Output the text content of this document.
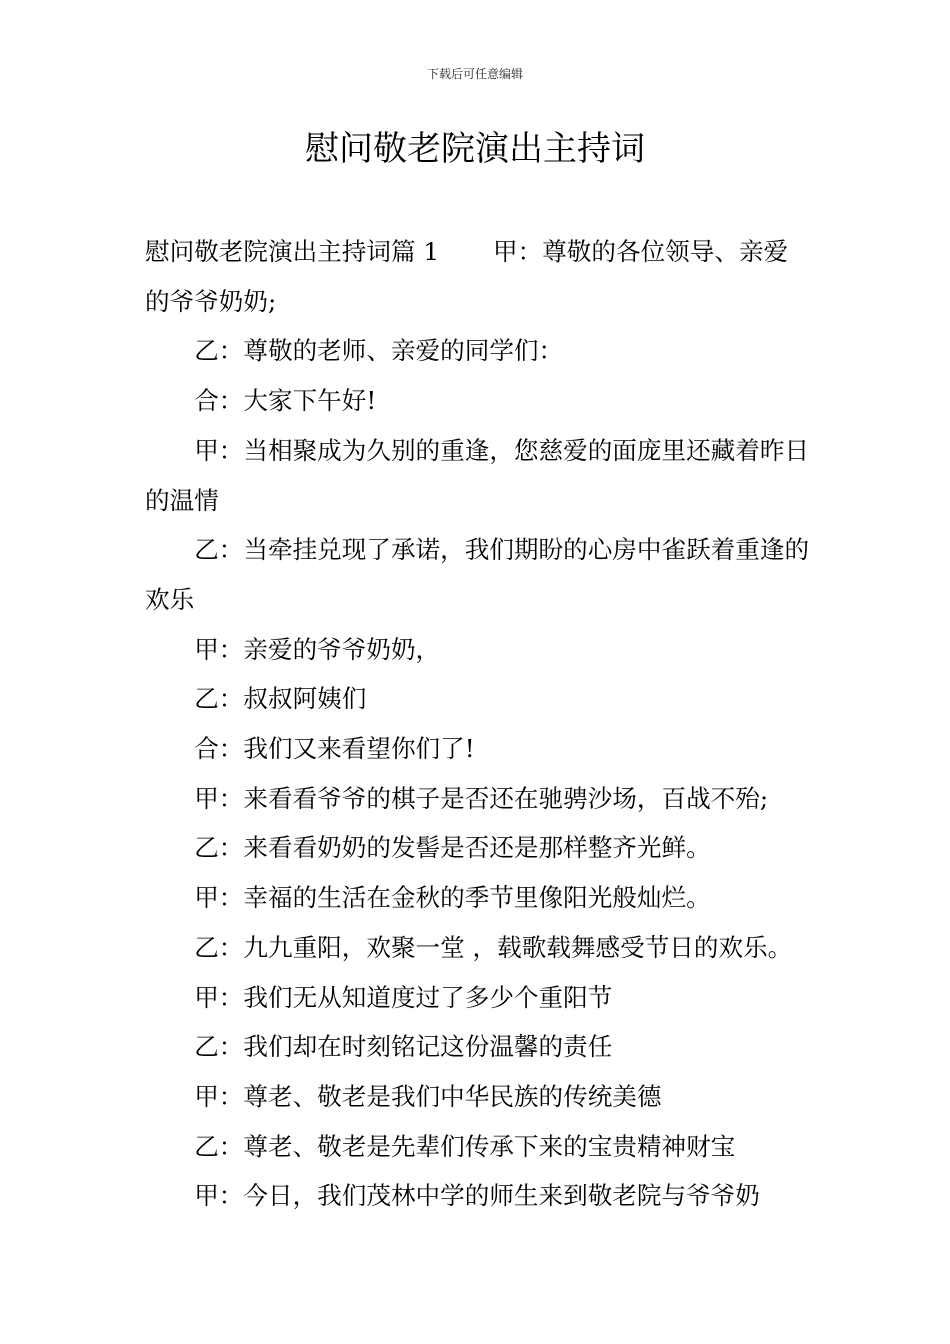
下载后可任意编辑
慰问敬老院演出主持词

慰问敬老院演出主持词篇 1 甲：尊敬的各位领导、亲爱的爷爷奶奶;

乙：尊敬的老师、亲爱的同学们：

合：大家下午好!

甲：当相聚成为久别的重逢，您慈爱的面庞里还藏着昨日的温情

乙：当牵挂兑现了承诺，我们期盼的心房中雀跃着重逢的欢乐

甲：亲爱的爷爷奶奶，

乙：叔叔阿姨们

合：我们又来看望你们了!

甲：来看看爷爷的棋子是否还在驰骋沙场，百战不殆;

乙：来看看奶奶的发髻是否还是那样整齐光鲜。

甲：幸福的生活在金秋的季节里像阳光般灿烂。

乙：九九重阳，欢聚一堂 ，载歌载舞感受节日的欢乐。

甲：我们无从知道度过了多少个重阳节

乙：我们却在时刻铭记这份温馨的责任

甲：尊老、敬老是我们中华民族的传统美德

乙：尊老、敬老是先辈们传承下来的宝贵精神财宝

甲：今日，我们茂林中学的师生来到敬老院与爷爷奶
